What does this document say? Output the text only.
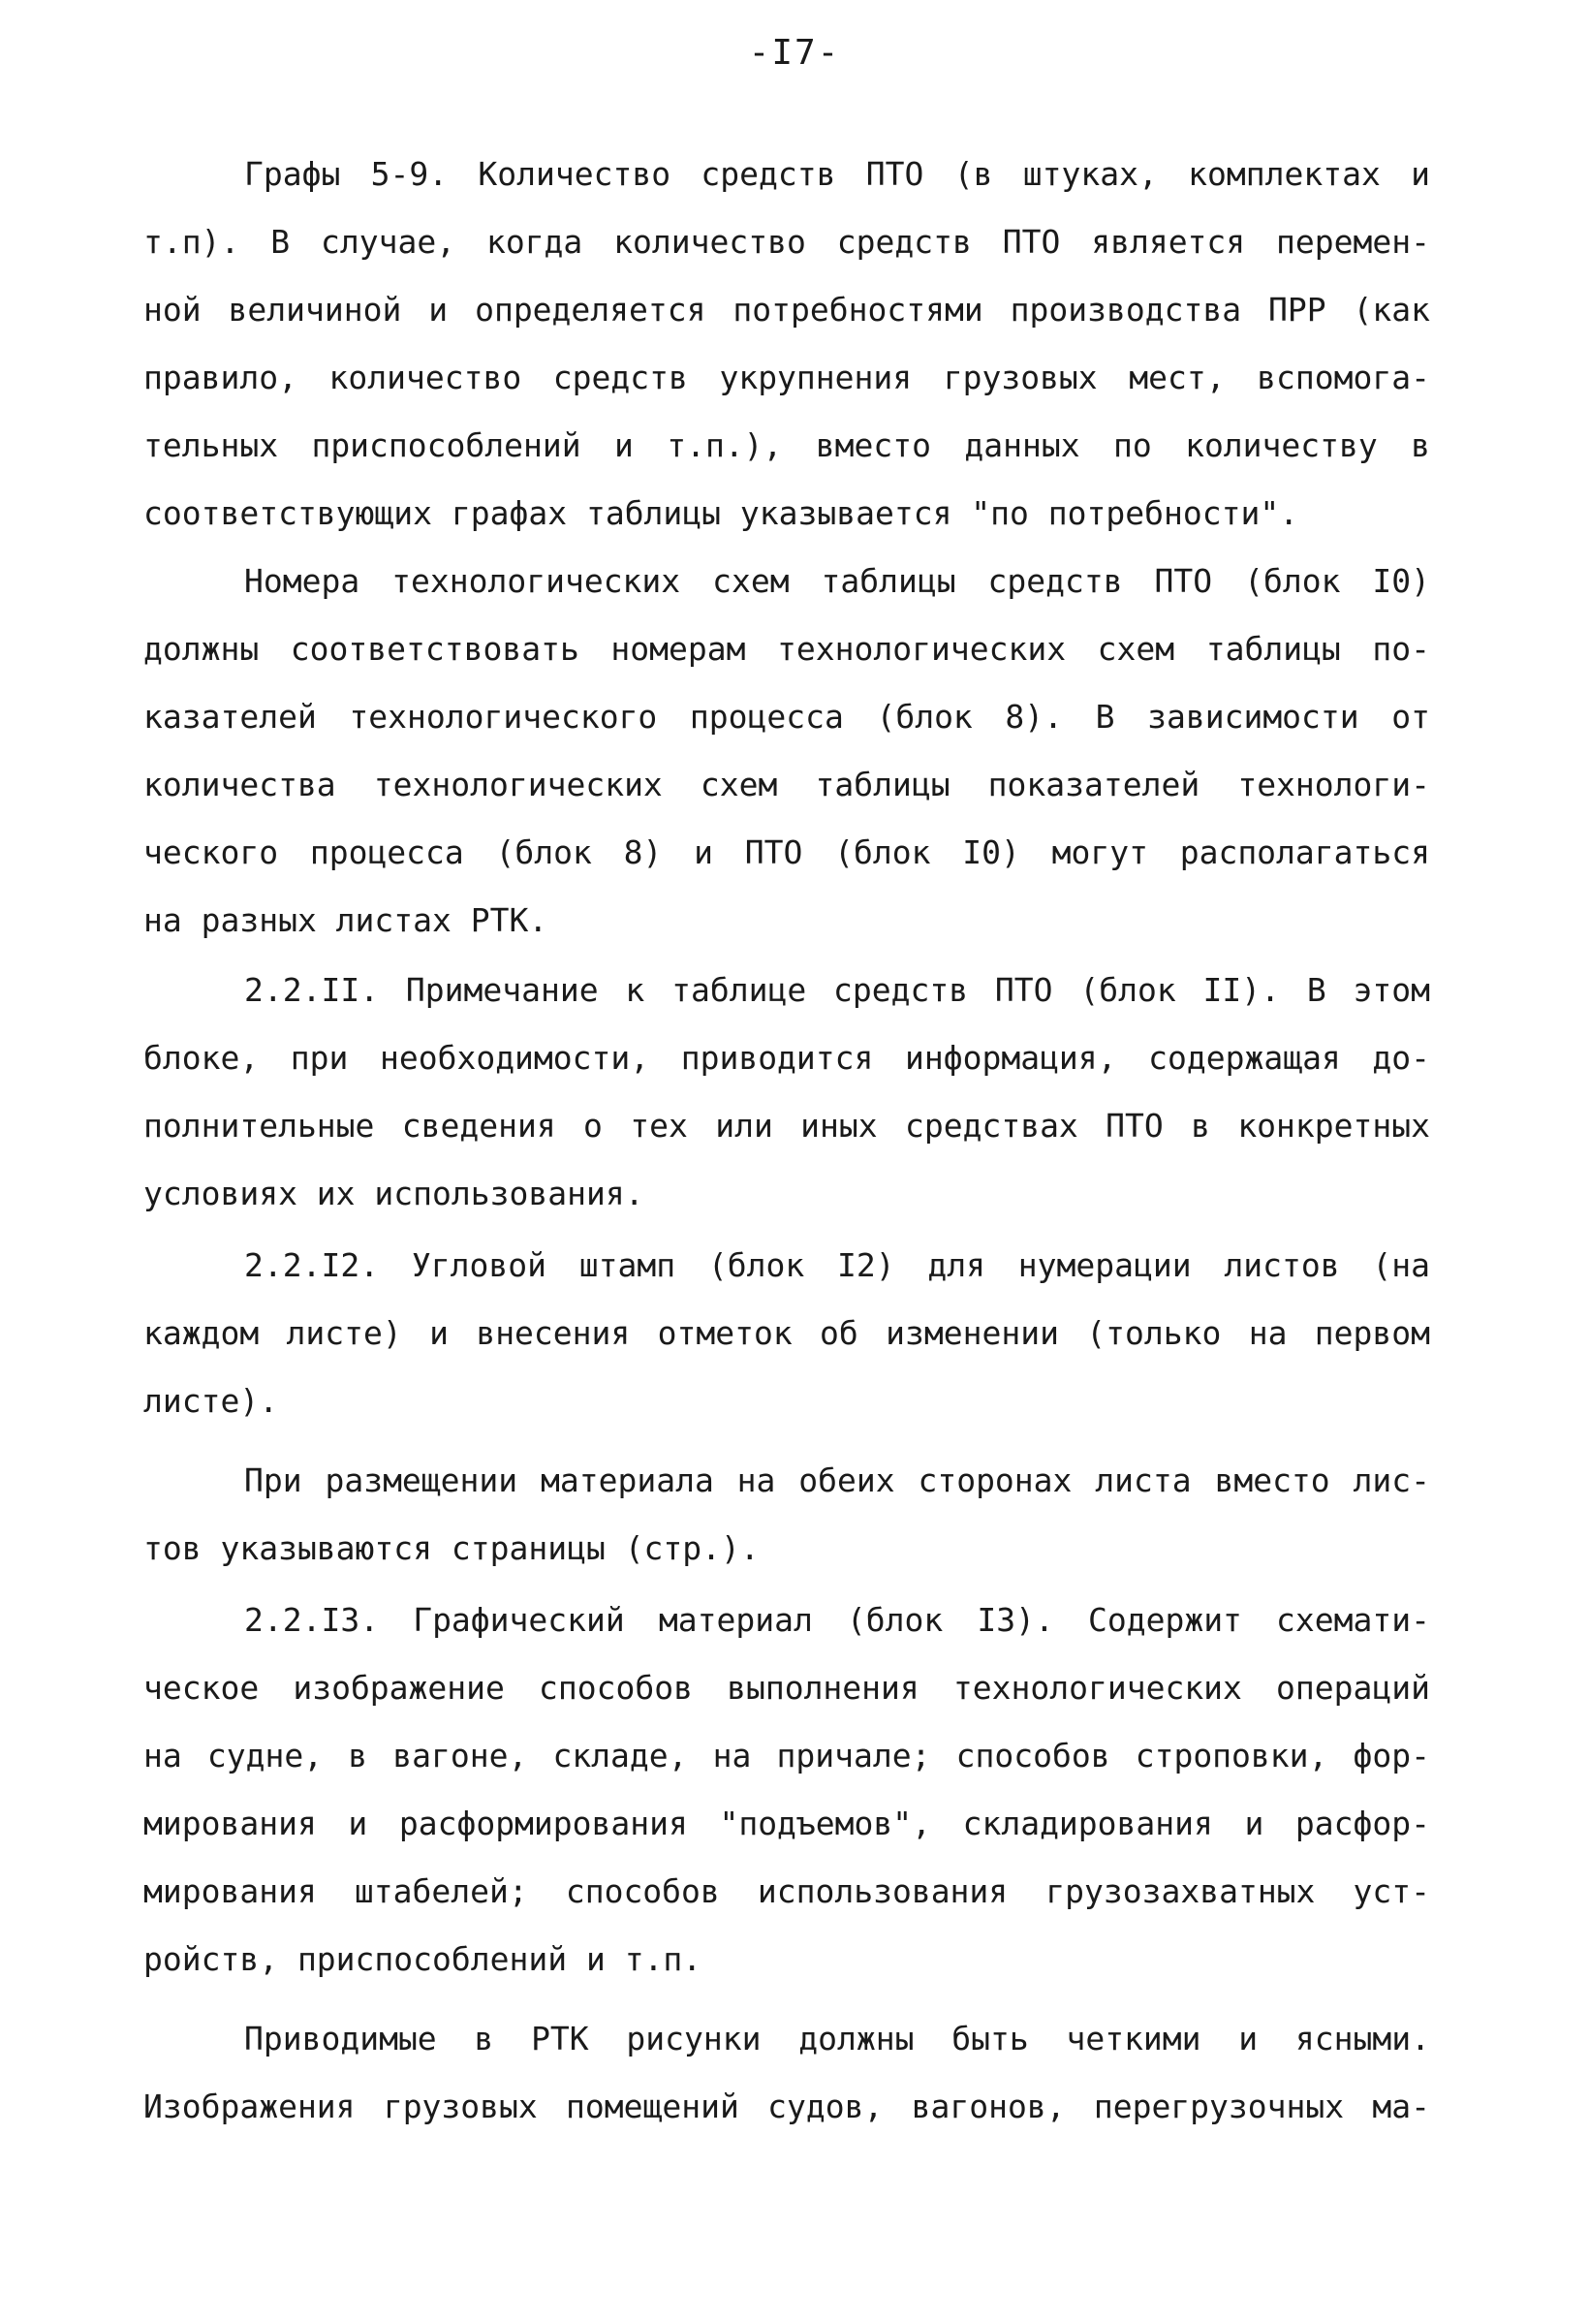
-I7-
Графы 5-9. Количество средств ПТО (в штуках, комплектах и
т.п). В случае, когда количество средств ПТО является перемен-
ной величиной и определяется потребностями производства ПРР (как
правило, количество средств укрупнения грузовых мест, вспомога-
тельных приспособлений и т.п.), вместо данных по количеству в
соответствующих графах таблицы указывается "по потребности".
Номера технологических схем таблицы средств ПТО (блок I0)
должны соответствовать номерам технологических схем таблицы по-
казателей технологического процесса (блок 8). В зависимости от
количества технологических схем таблицы показателей технологи-
ческого процесса (блок 8) и ПТО (блок I0) могут располагаться
на разных листах РТК.
2.2.II. Примечание к таблице средств ПТО (блок II). В этом
блоке, при необходимости, приводится информация, содержащая до-
полнительные сведения о тех или иных средствах ПТО в конкретных
условиях их использования.
2.2.I2. Угловой штамп (блок I2) для нумерации листов (на
каждом листе) и внесения отметок об изменении (только на первом
листе).
При размещении материала на обеих сторонах листа вместо лис-
тов указываются страницы (стр.).
2.2.I3. Графический материал (блок I3). Содержит схемати-
ческое изображение способов выполнения технологических операций
на судне, в вагоне, складе, на причале; способов строповки, фор-
мирования и расформирования "подъемов", складирования и расфор-
мирования штабелей; способов использования грузозахватных уст-
ройств, приспособлений и т.п.
Приводимые в РТК рисунки должны быть четкими и ясными.
Изображения грузовых помещений судов, вагонов, перегрузочных ма-
